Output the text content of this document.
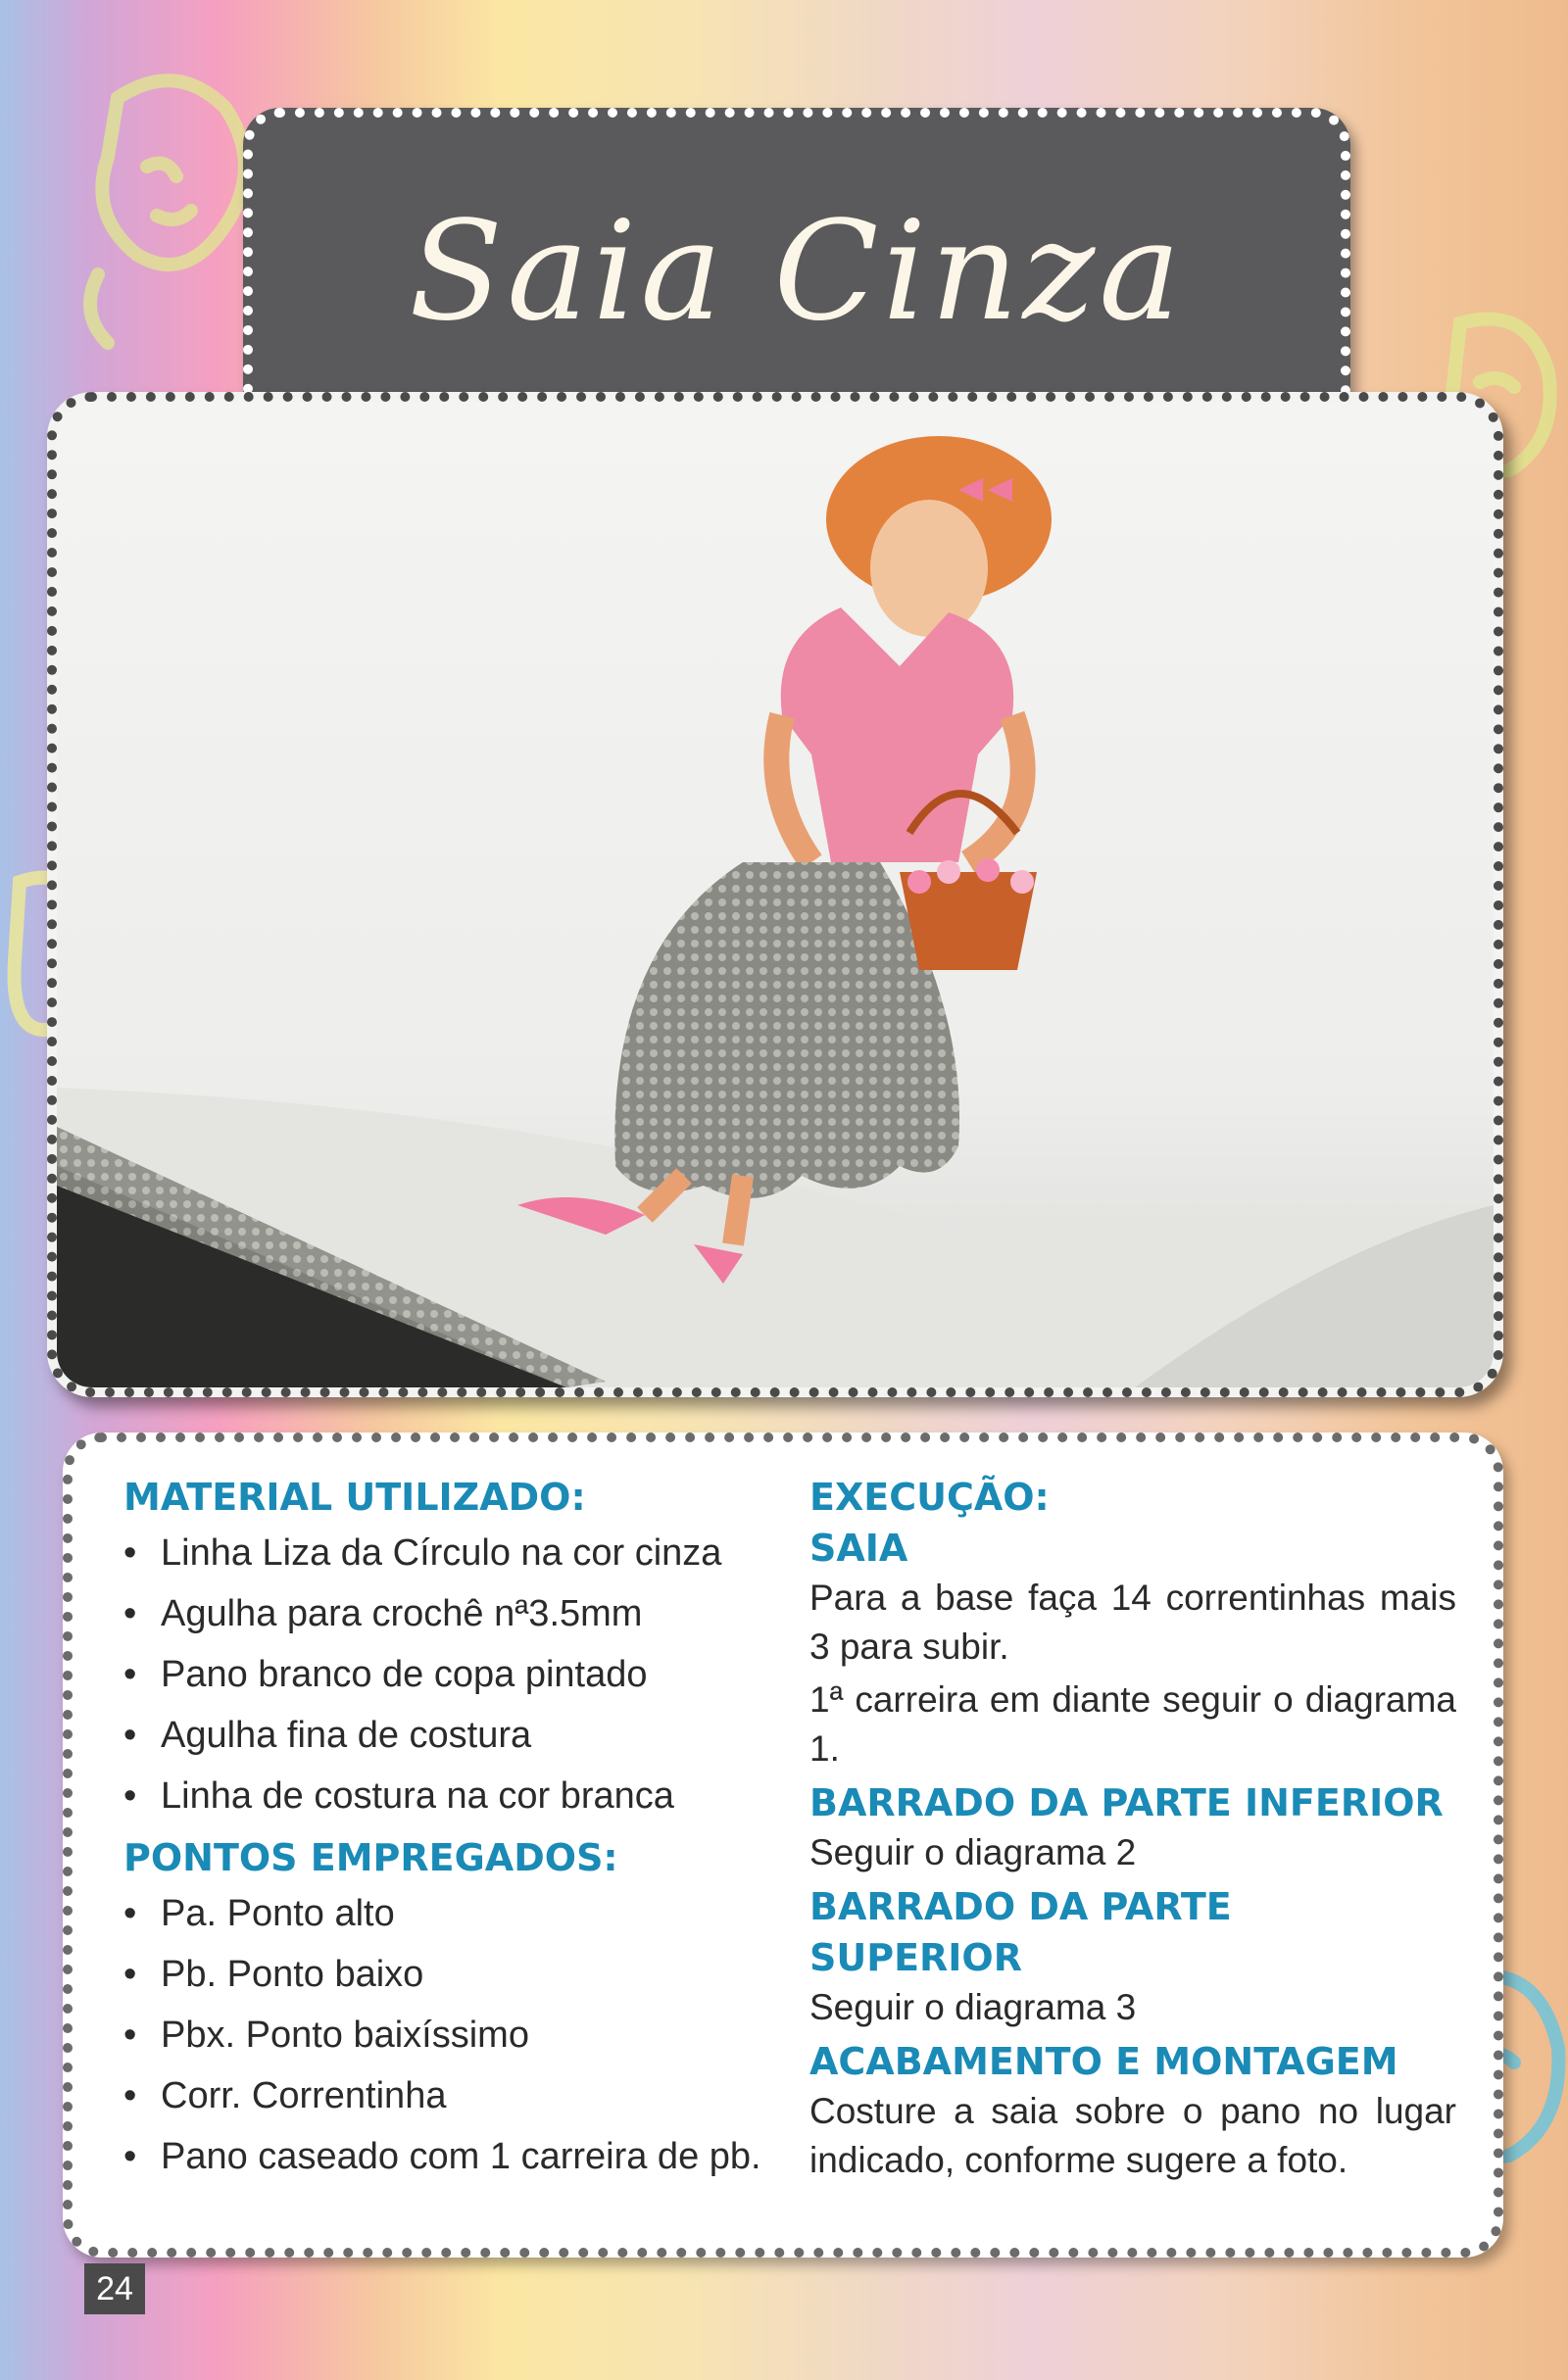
Saia Cinza
MATERIAL UTILIZADO:
• Linha Liza da Círculo na cor cinza
• Agulha para crochê nª3.5mm
• Pano branco de copa pintado
• Agulha fina de costura
• Linha de costura na cor branca
PONTOS EMPREGADOS:
• Pa. Ponto alto
• Pb. Ponto baixo
• Pbx. Ponto baixíssimo
• Corr. Correntinha
• Pano caseado com 1 carreira de pb.
EXECUÇÃO:
SAIA

Para a base faça 14 correntinhas mais 3 para subir.

1ª carreira em diante seguir o diagrama 1.

BARRADO DA PARTE INFERIOR

Seguir o diagrama 2

BARRADO DA PARTE SUPERIOR

Seguir o diagrama 3

ACABAMENTO E MONTAGEM

Costure a saia sobre o pano no lugar indicado, conforme sugere a foto.

24
